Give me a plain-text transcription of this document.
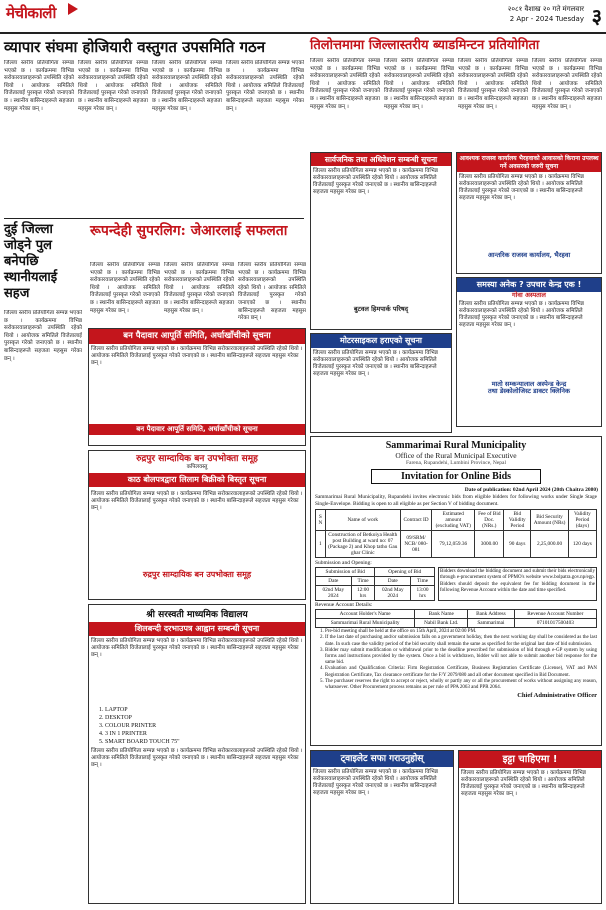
मेचीकाली	२०८१ वैशाख २० गते मंगलवार
2 Apr - 2024 Tuesday ३
व्यापार संघमा होजियारी वस्तुगत उपसमिति गठन
जिल्ला स्तरीय प्रतियोगिता सम्पन्न भएको छ । कार्यक्रममा विभिन्न सरोकारवालाहरूको उपस्थिति रहेको थियो । आयोजक समितिले विजेतालाई पुरस्कृत गरेको जनाएको छ । स्थानीय बासिन्दाहरूले सहजता महसुस गरेका छन् ।
जिल्ला स्तरीय प्रतियोगिता सम्पन्न भएको छ । कार्यक्रममा विभिन्न सरोकारवालाहरूको उपस्थिति रहेको थियो । आयोजक समितिले विजेतालाई पुरस्कृत गरेको जनाएको छ । स्थानीय बासिन्दाहरूले सहजता महसुस गरेका छन् ।
जिल्ला स्तरीय प्रतियोगिता सम्पन्न भएको छ । कार्यक्रममा विभिन्न सरोकारवालाहरूको उपस्थिति रहेको थियो । आयोजक समितिले विजेतालाई पुरस्कृत गरेको जनाएको छ । स्थानीय बासिन्दाहरूले सहजता महसुस गरेका छन् ।
जिल्ला स्तरीय प्रतियोगिता सम्पन्न भएको छ । कार्यक्रममा विभिन्न सरोकारवालाहरूको उपस्थिति रहेको थियो । आयोजक समितिले विजेतालाई पुरस्कृत गरेको जनाएको छ । स्थानीय बासिन्दाहरूले सहजता महसुस गरेका छन् ।
तिलोत्तमामा जिल्लास्तरीय ब्याडमिन्टन प्रतियोगिता
जिल्ला स्तरीय प्रतियोगिता सम्पन्न भएको छ । कार्यक्रममा विभिन्न सरोकारवालाहरूको उपस्थिति रहेको थियो । आयोजक समितिले विजेतालाई पुरस्कृत गरेको जनाएको छ । स्थानीय बासिन्दाहरूले सहजता महसुस गरेका छन् ।
जिल्ला स्तरीय प्रतियोगिता सम्पन्न भएको छ । कार्यक्रममा विभिन्न सरोकारवालाहरूको उपस्थिति रहेको थियो । आयोजक समितिले विजेतालाई पुरस्कृत गरेको जनाएको छ । स्थानीय बासिन्दाहरूले सहजता महसुस गरेका छन् ।
जिल्ला स्तरीय प्रतियोगिता सम्पन्न भएको छ । कार्यक्रममा विभिन्न सरोकारवालाहरूको उपस्थिति रहेको थियो । आयोजक समितिले विजेतालाई पुरस्कृत गरेको जनाएको छ । स्थानीय बासिन्दाहरूले सहजता महसुस गरेका छन् ।
जिल्ला स्तरीय प्रतियोगिता सम्पन्न भएको छ । कार्यक्रममा विभिन्न सरोकारवालाहरूको उपस्थिति रहेको थियो । आयोजक समितिले विजेतालाई पुरस्कृत गरेको जनाएको छ । स्थानीय बासिन्दाहरूले सहजता महसुस गरेका छन् ।
सार्वजनिक तथा अधिवेशन सम्बन्धी सूचना
जिल्ला स्तरीय प्रतियोगिता सम्पन्न भएको छ । कार्यक्रममा विभिन्न सरोकारवालाहरूको उपस्थिति रहेको थियो । आयोजक समितिले विजेतालाई पुरस्कृत गरेको जनाएको छ । स्थानीय बासिन्दाहरूले सहजता महसुस गरेका छन् ।
बुटवल हिमपार्क परिषद्
आवश्यक राजस्व कार्यालय भैरहवाको आवासको किराना उपलब्ध गर्ने अवसरको जरुरी सूचना
जिल्ला स्तरीय प्रतियोगिता सम्पन्न भएको छ । कार्यक्रममा विभिन्न सरोकारवालाहरूको उपस्थिति रहेको थियो । आयोजक समितिले विजेतालाई पुरस्कृत गरेको जनाएको छ । स्थानीय बासिन्दाहरूले सहजता महसुस गरेका छन् ।
आन्तरिक राजस्व कार्यालय, भैरहवा
समस्या अनेक ? उपचार केन्द्र एक !
गोवा अस्पताल
जिल्ला स्तरीय प्रतियोगिता सम्पन्न भएको छ । कार्यक्रममा विभिन्न सरोकारवालाहरूको उपस्थिति रहेको थियो । आयोजक समितिले विजेतालाई पुरस्कृत गरेको जनाएको छ । स्थानीय बासिन्दाहरूले सहजता महसुस गरेका छन् ।
मातो सम्कन्यालाल अस्पेन्ड केन्द्र
तथा डेस्कोलोजिस्ट डाक्टर क्लिनिक
दुई जिल्ला जोड्ने पुल बनेपछि स्थानीयलाई सहज
जिल्ला स्तरीय प्रतियोगिता सम्पन्न भएको छ । कार्यक्रममा विभिन्न सरोकारवालाहरूको उपस्थिति रहेको थियो । आयोजक समितिले विजेतालाई पुरस्कृत गरेको जनाएको छ । स्थानीय बासिन्दाहरूले सहजता महसुस गरेका छन् ।
रूपन्देही सुपरलिग: जेआरलाई सफलता
जिल्ला स्तरीय प्रतियोगिता सम्पन्न भएको छ । कार्यक्रममा विभिन्न सरोकारवालाहरूको उपस्थिति रहेको थियो । आयोजक समितिले विजेतालाई पुरस्कृत गरेको जनाएको छ । स्थानीय बासिन्दाहरूले सहजता महसुस गरेका छन् ।
जिल्ला स्तरीय प्रतियोगिता सम्पन्न भएको छ । कार्यक्रममा विभिन्न सरोकारवालाहरूको उपस्थिति रहेको थियो । आयोजक समितिले विजेतालाई पुरस्कृत गरेको जनाएको छ । स्थानीय बासिन्दाहरूले सहजता महसुस गरेका छन् ।
जिल्ला स्तरीय प्रतियोगिता सम्पन्न भएको छ । कार्यक्रममा विभिन्न सरोकारवालाहरूको उपस्थिति रहेको थियो । आयोजक समितिले विजेतालाई पुरस्कृत गरेको जनाएको छ । स्थानीय बासिन्दाहरूले सहजता महसुस गरेका छन् ।
बन पैदावार आपूर्ति समिति, अर्घाखाँचीको सूचना
जिल्ला स्तरीय प्रतियोगिता सम्पन्न भएको छ । कार्यक्रममा विभिन्न सरोकारवालाहरूको उपस्थिति रहेको थियो । आयोजक समितिले विजेतालाई पुरस्कृत गरेको जनाएको छ । स्थानीय बासिन्दाहरूले सहजता महसुस गरेका छन् ।
बन पैदावार आपूर्ति समिति, अर्घाखाँचीको सूचना
मोटरसाइकल हराएको सूचना
जिल्ला स्तरीय प्रतियोगिता सम्पन्न भएको छ । कार्यक्रममा विभिन्न सरोकारवालाहरूको उपस्थिति रहेको थियो । आयोजक समितिले विजेतालाई पुरस्कृत गरेको जनाएको छ । स्थानीय बासिन्दाहरूले सहजता महसुस गरेका छन् ।
Sammarimai Rural Municipality
Office of the Rural Municipal Executive
Farena, Rupandehi, Lumbini Province, Nepal
Invitation for Online Bids
Date of publication: 02nd April 2024 (20th Chaitra 2080)
Sammarimai Rural Municipality, Rupandehi invites electronic bids from eligible bidders for following works under Single Stage Single-Envelope. Bidding is open to all eligible as per Section V of bidding document.
S N	Name of work	Contract ID	Estimated amount (excluding VAT)	Fee of Bid Doc. (NRs.)	Bid Validity Period	Bid Security Amount (NRs)	Validity Period (days)
1	Construction of Betkoiya Health post Building at ward no: 07 (Package 2) and Khop tatho Gau ghar Clinic	09/SRM/ NCB/ 080-081	79,12,059.36	3000.00	90 days	2,25,000.00	120 days
Submission and Opening:
Submission of Bid		Opening of Bid	
Date	Time	Date	Time
02nd May 2024	12:00 hrs	02nd May 2024	13:00 hrs
Bidders download the bidding document and submit their bids electronically through e-procurement system of PPMO's website www.bolpatra.gov.np/egp. Bidders should deposit the equivalent fee for bidding document in the following Revenue Account within the date and time specified.
Revenue Account Details:
Account Holder's Name	Bank Name	Bank Address	Revenue Account Number
Sammarimai Rural Municipality	Nabil Bank Ltd.	Sammarimai	07101017500403
1. Pre-bid meeting shall be held at the office on 15th April, 2024 at 02:00 PM.
2. If the last date of purchasing and/or submission falls on a government holiday, then the next working day shall be considered as the last date. In such case the validity period of the bid security shall remain the same as specified for the original last date of bid submission.
3. Bidder may submit modification or withdrawal prior to the deadline prescribed for submission of bid through e-GP system by using forms and instructions provided by the system. Once a bid is withdrawn, bidder will not able to submit another bid response for the same bid.
4. Evaluation and Qualification Criteria: Firm Registration Certificate, Business Registration Certificate (License), VAT and PAN Registration Certificate, Tax clearance certificate for the F/Y 2079/080 and all other document specified in Bid Document.
5. The purchaser reserves the right to accept or reject, wholly or partly any or all the procurement of works without assigning any reason, whatsoever. Other Procurement process remains as per rule of PPA 2063 and PPR 2064.
Chief Administrative Officer
रुद्रपुर साम्दायिक बन उपभोक्ता समूह
कपिलवस्तु
काठ बोलपत्रद्वारा लिलाम बिक्रीको बिस्तृत सूचना
जिल्ला स्तरीय प्रतियोगिता सम्पन्न भएको छ । कार्यक्रममा विभिन्न सरोकारवालाहरूको उपस्थिति रहेको थियो । आयोजक समितिले विजेतालाई पुरस्कृत गरेको जनाएको छ । स्थानीय बासिन्दाहरूले सहजता महसुस गरेका छन् ।
रुद्रपुर साम्दायिक बन उपभोक्ता समूह
श्री सरस्वती माध्यमिक विद्यालय
शिलबन्दी दरभाउपत्र आह्वान सम्बन्धी सूचना
जिल्ला स्तरीय प्रतियोगिता सम्पन्न भएको छ । कार्यक्रममा विभिन्न सरोकारवालाहरूको उपस्थिति रहेको थियो । आयोजक समितिले विजेतालाई पुरस्कृत गरेको जनाएको छ । स्थानीय बासिन्दाहरूले सहजता महसुस गरेका छन् ।
1. LAPTOP
2. DESKTOP
3. COLOUR PRINTER
4. 3 IN 1 PRINTER
5. SMART BOARD TOUCH 75"
जिल्ला स्तरीय प्रतियोगिता सम्पन्न भएको छ । कार्यक्रममा विभिन्न सरोकारवालाहरूको उपस्थिति रहेको थियो । आयोजक समितिले विजेतालाई पुरस्कृत गरेको जनाएको छ । स्थानीय बासिन्दाहरूले सहजता महसुस गरेका छन् ।
ट्वाइलेट सफा गराउनुहोस्
जिल्ला स्तरीय प्रतियोगिता सम्पन्न भएको छ । कार्यक्रममा विभिन्न सरोकारवालाहरूको उपस्थिति रहेको थियो । आयोजक समितिले विजेतालाई पुरस्कृत गरेको जनाएको छ । स्थानीय बासिन्दाहरूले सहजता महसुस गरेका छन् ।
इट्टा चाहिएमा !
जिल्ला स्तरीय प्रतियोगिता सम्पन्न भएको छ । कार्यक्रममा विभिन्न सरोकारवालाहरूको उपस्थिति रहेको थियो । आयोजक समितिले विजेतालाई पुरस्कृत गरेको जनाएको छ । स्थानीय बासिन्दाहरूले सहजता महसुस गरेका छन् ।
